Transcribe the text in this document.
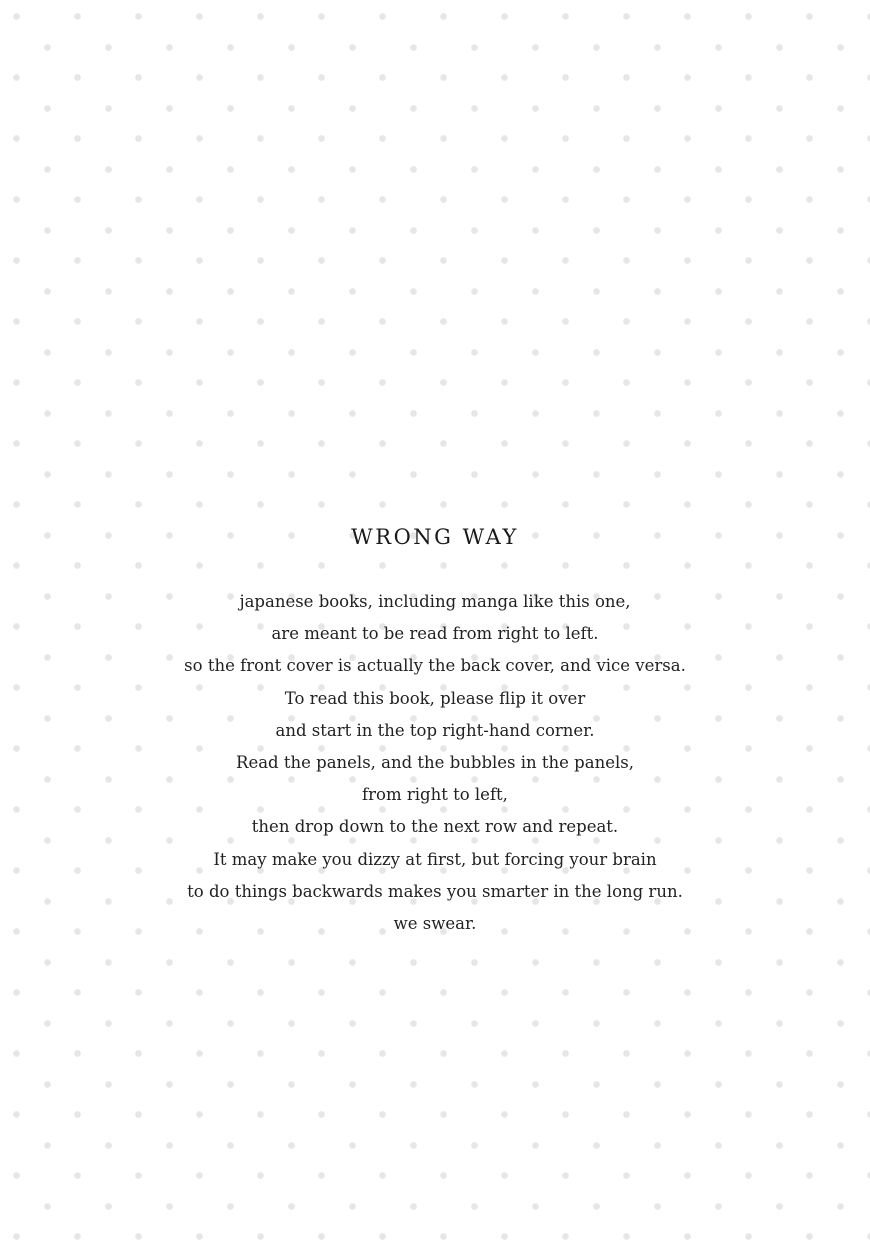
WRONG WAY
japanese books, including manga like this one,
are meant to be read from right to left.
so the front cover is actually the back cover, and vice versa.
To read this book, please flip it over
and start in the top right-hand corner.
Read the panels, and the bubbles in the panels,
from right to left,
then drop down to the next row and repeat.
It may make you dizzy at first, but forcing your brain
to do things backwards makes you smarter in the long run.
we swear.
